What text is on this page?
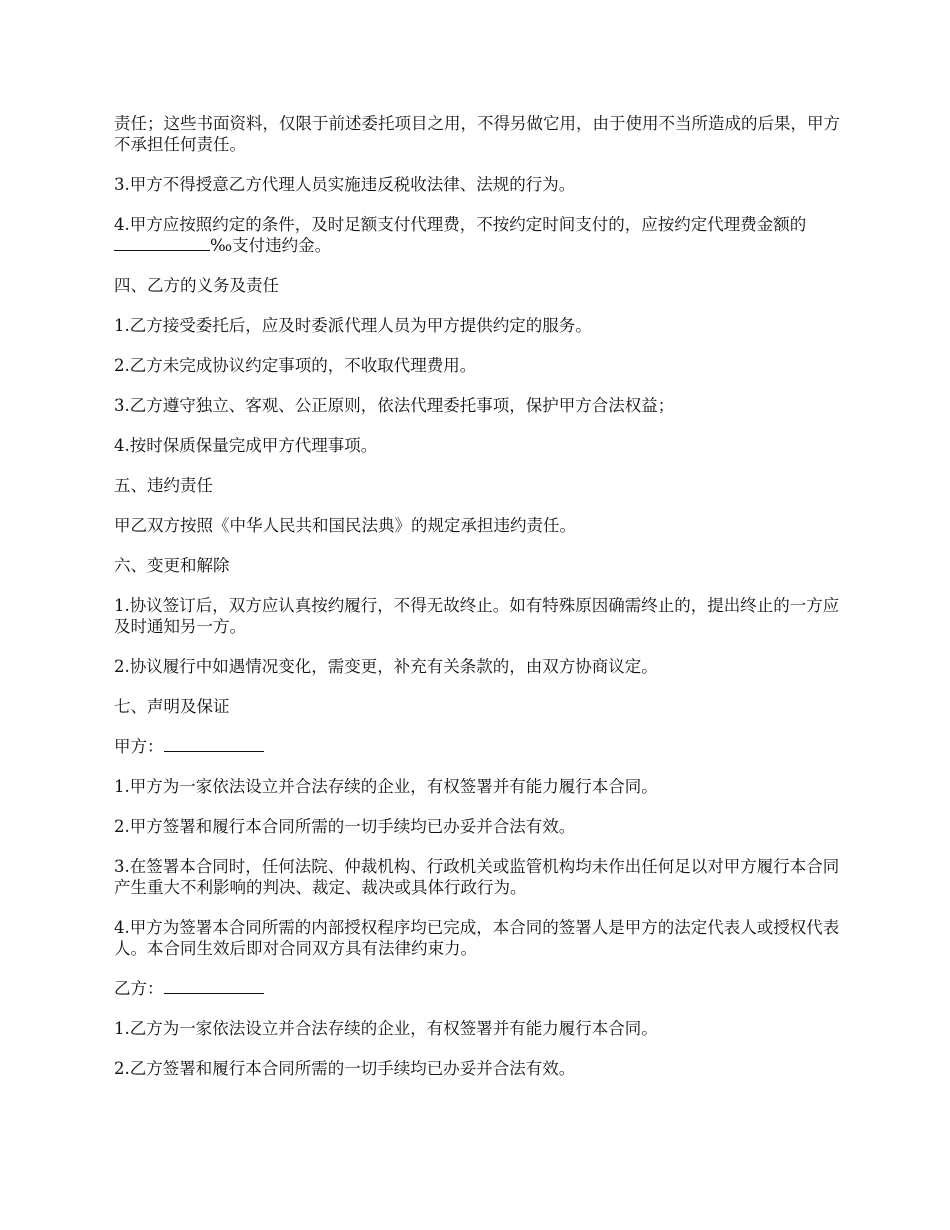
责任；这些书面资料，仅限于前述委托项目之用，不得另做它用，由于使用不当所造成的后果，甲方不承担任何责任。

3.甲方不得授意乙方代理人员实施违反税收法律、法规的行为。

4.甲方应按照约定的条件，及时足额支付代理费，不按约定时间支付的，应按约定代理费金额的‰支付违约金。

四、乙方的义务及责任

1.乙方接受委托后，应及时委派代理人员为甲方提供约定的服务。

2.乙方未完成协议约定事项的，不收取代理费用。

3.乙方遵守独立、客观、公正原则，依法代理委托事项，保护甲方合法权益；

4.按时保质保量完成甲方代理事项。

五、违约责任

甲乙双方按照《中华人民共和国民法典》的规定承担违约责任。

六、变更和解除

1.协议签订后，双方应认真按约履行，不得无故终止。如有特殊原因确需终止的，提出终止的一方应及时通知另一方。

2.协议履行中如遇情况变化，需变更，补充有关条款的，由双方协商议定。

七、声明及保证

甲方：

1.甲方为一家依法设立并合法存续的企业，有权签署并有能力履行本合同。

2.甲方签署和履行本合同所需的一切手续均已办妥并合法有效。

3.在签署本合同时，任何法院、仲裁机构、行政机关或监管机构均未作出任何足以对甲方履行本合同产生重大不利影响的判决、裁定、裁决或具体行政行为。

4.甲方为签署本合同所需的内部授权程序均已完成，本合同的签署人是甲方的法定代表人或授权代表人。本合同生效后即对合同双方具有法律约束力。

乙方：

1.乙方为一家依法设立并合法存续的企业，有权签署并有能力履行本合同。

2.乙方签署和履行本合同所需的一切手续均已办妥并合法有效。
